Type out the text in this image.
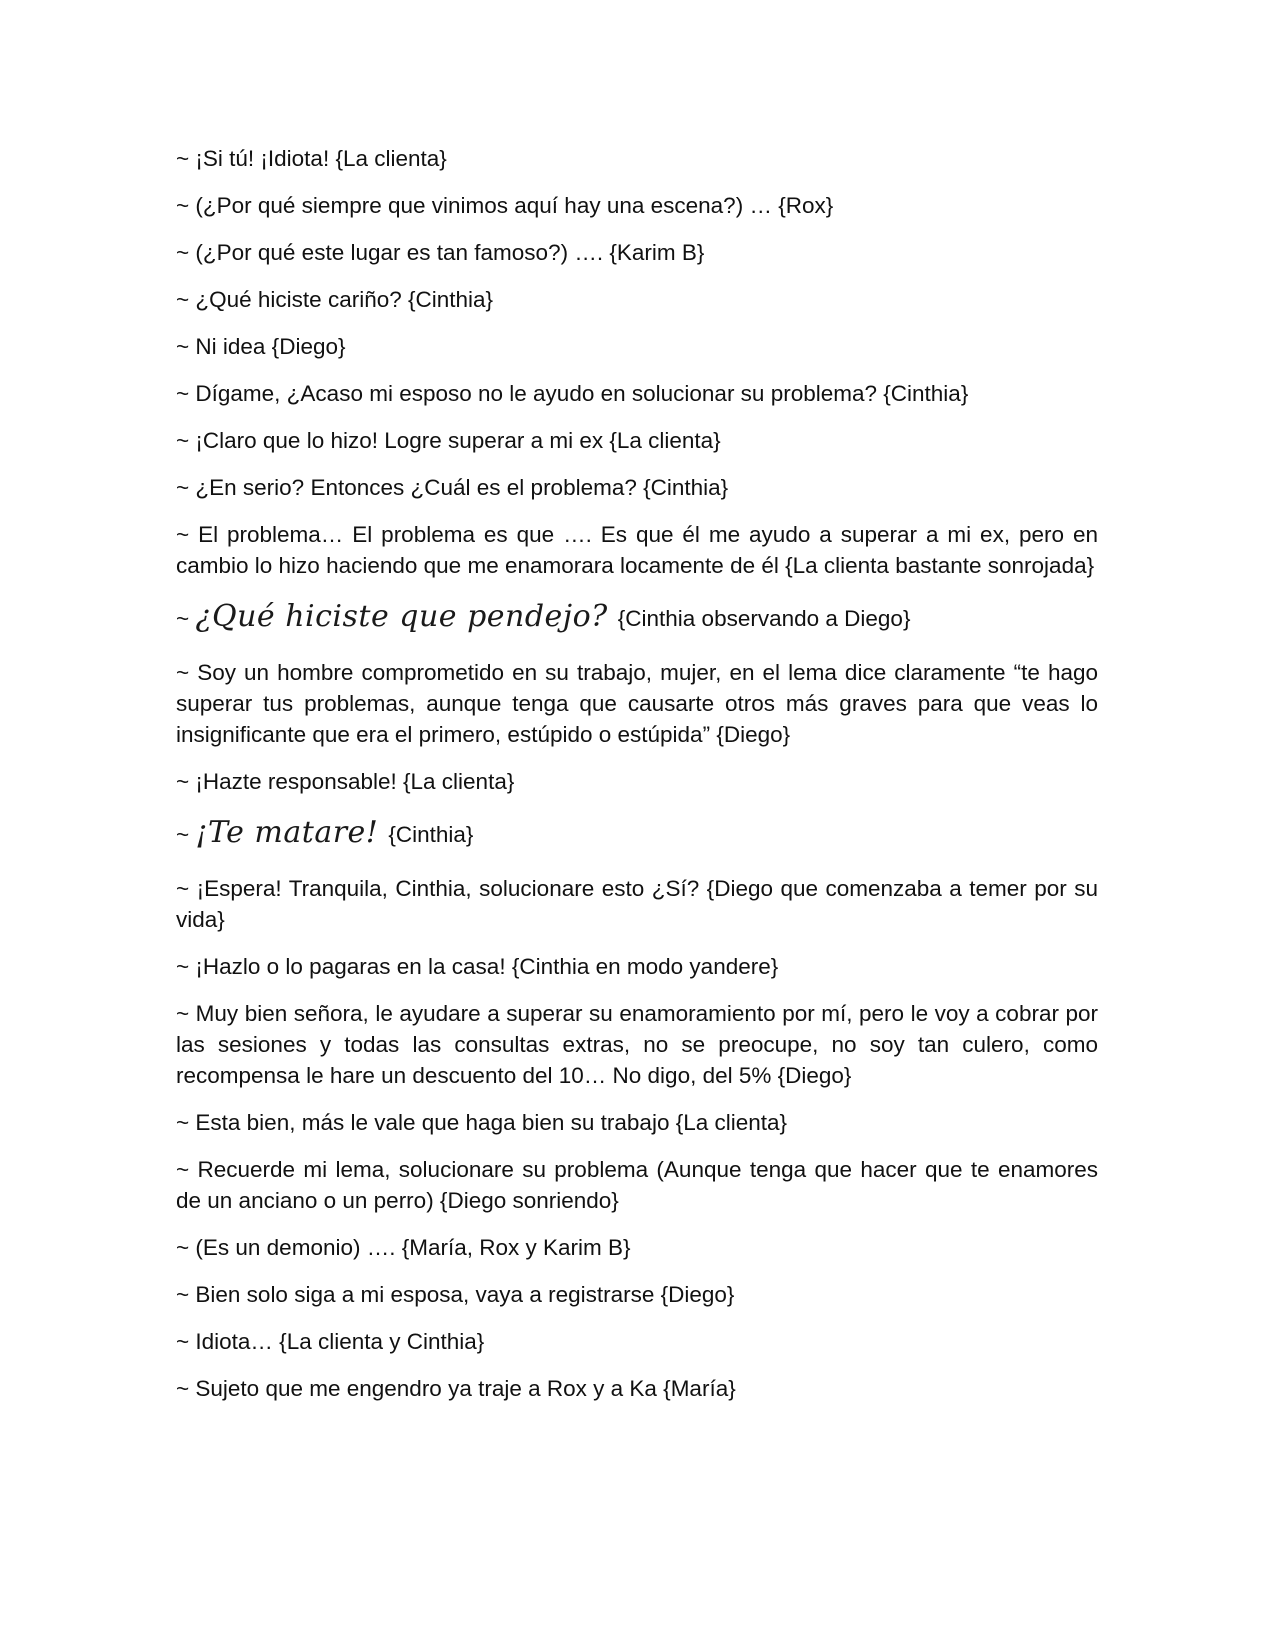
~ ¡Si tú! ¡Idiota! {La clienta}

~ (¿Por qué siempre que vinimos aquí hay una escena?) … {Rox}

~ (¿Por qué este lugar es tan famoso?) …. {Karim B}

~ ¿Qué hiciste cariño? {Cinthia}

~ Ni idea {Diego}

~ Dígame, ¿Acaso mi esposo no le ayudo en solucionar su problema? {Cinthia}

~ ¡Claro que lo hizo! Logre superar a mi ex {La clienta}

~ ¿En serio? Entonces ¿Cuál es el problema? {Cinthia}

~ El problema… El problema es que …. Es que él me ayudo a superar a mi ex, pero en cambio lo hizo haciendo que me enamorara locamente de él {La clienta bastante sonrojada}

~ ¿Qué hiciste que pendejo? {Cinthia observando a Diego}

~ Soy un hombre comprometido en su trabajo, mujer, en el lema dice claramente “te hago superar tus problemas, aunque tenga que causarte otros más graves para que veas lo insignificante que era el primero, estúpido o estúpida” {Diego}

~ ¡Hazte responsable! {La clienta}

~ ¡Te matare! {Cinthia}

~ ¡Espera! Tranquila, Cinthia, solucionare esto ¿Sí? {Diego que comenzaba a temer por su vida}

~ ¡Hazlo o lo pagaras en la casa! {Cinthia en modo yandere}

~ Muy bien señora, le ayudare a superar su enamoramiento por mí, pero le voy a cobrar por las sesiones y todas las consultas extras, no se preocupe, no soy tan culero, como recompensa le hare un descuento del 10… No digo, del 5% {Diego}

~ Esta bien, más le vale que haga bien su trabajo {La clienta}

~ Recuerde mi lema, solucionare su problema (Aunque tenga que hacer que te enamores de un anciano o un perro) {Diego sonriendo}

~ (Es un demonio) …. {María, Rox y Karim B}

~ Bien solo siga a mi esposa, vaya a registrarse {Diego}

~ Idiota… {La clienta y Cinthia}

~ Sujeto que me engendro ya traje a Rox y a Ka {María}
